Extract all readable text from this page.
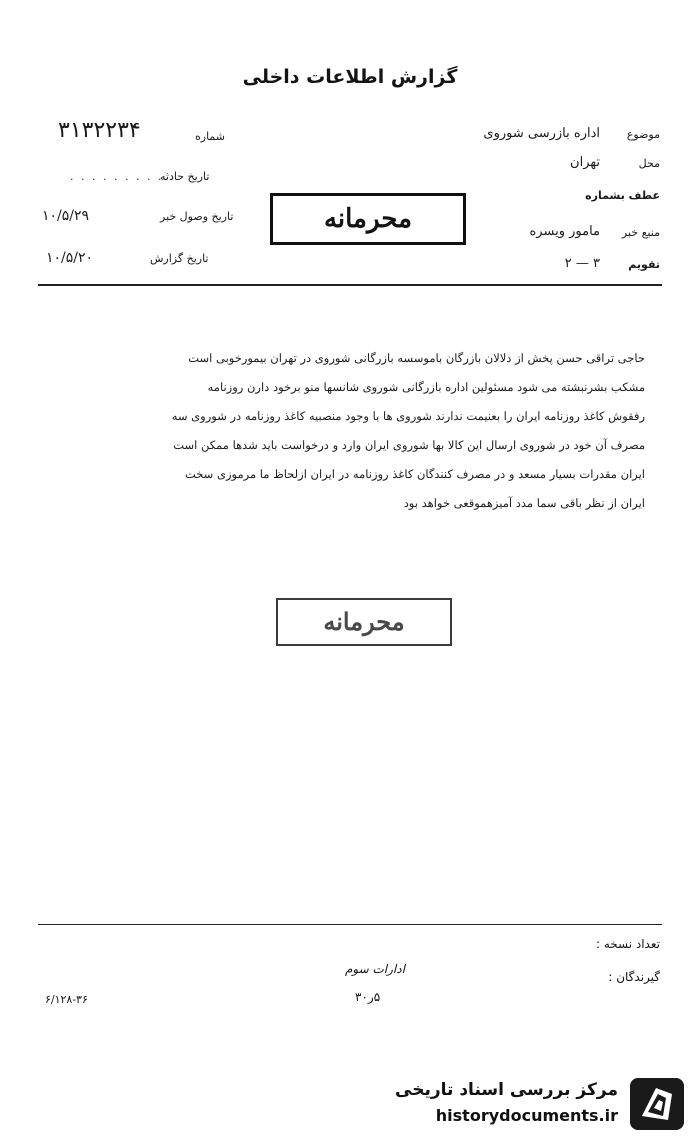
گزارش اطلاعات داخلی
موضوع
اداره بازرسی شوروی
محل
تهران
عطف بشماره
منبع خبر
مامور ویسره
تقویم
۳ — ۲
شماره
۳۱۳۲۲۳۴
تاریخ حادثه
. . . . . . . . .
تاریخ وصول خبر
۱۰/۵/۲۹
تاریخ گزارش
۱۰/۵/۲۰
محرمانه
حاجی تراقی حسن پخش از دلالان بازرگان باموسسه بازرگانی شوروی در تهران بیمورخوبی است
مشکب بشرنبشته می شود مسئولین اداره بازرگانی شوروی شانسها منو برخود دارن روزنامه
رفقوش کاغذ روزنامه ایران را بعنیمت ندارند شوروی ها با وجود منصبیه کاغذ روزنامه در شوروی سه
مصرف آن خود در شوروی ارسال این کالا بها شوروی ایران وارد و درخواست باید شدها ممکن است
ایران مقدرات بسیار مسعد و در مصرف کنندگان کاغذ روزنامه در ایران ازلحاظ ما مرموزی سخت
ایران از نظر باقی سما مدد آمیزهموقعی خواهد بود
محرمانه
تعداد نسخه :
گیرندگان :
ادارات سوم
۵ر۳۰
۶/۱۲۸-۳۶
مرکز بررسی اسناد تاریخی
historydocuments.ir
